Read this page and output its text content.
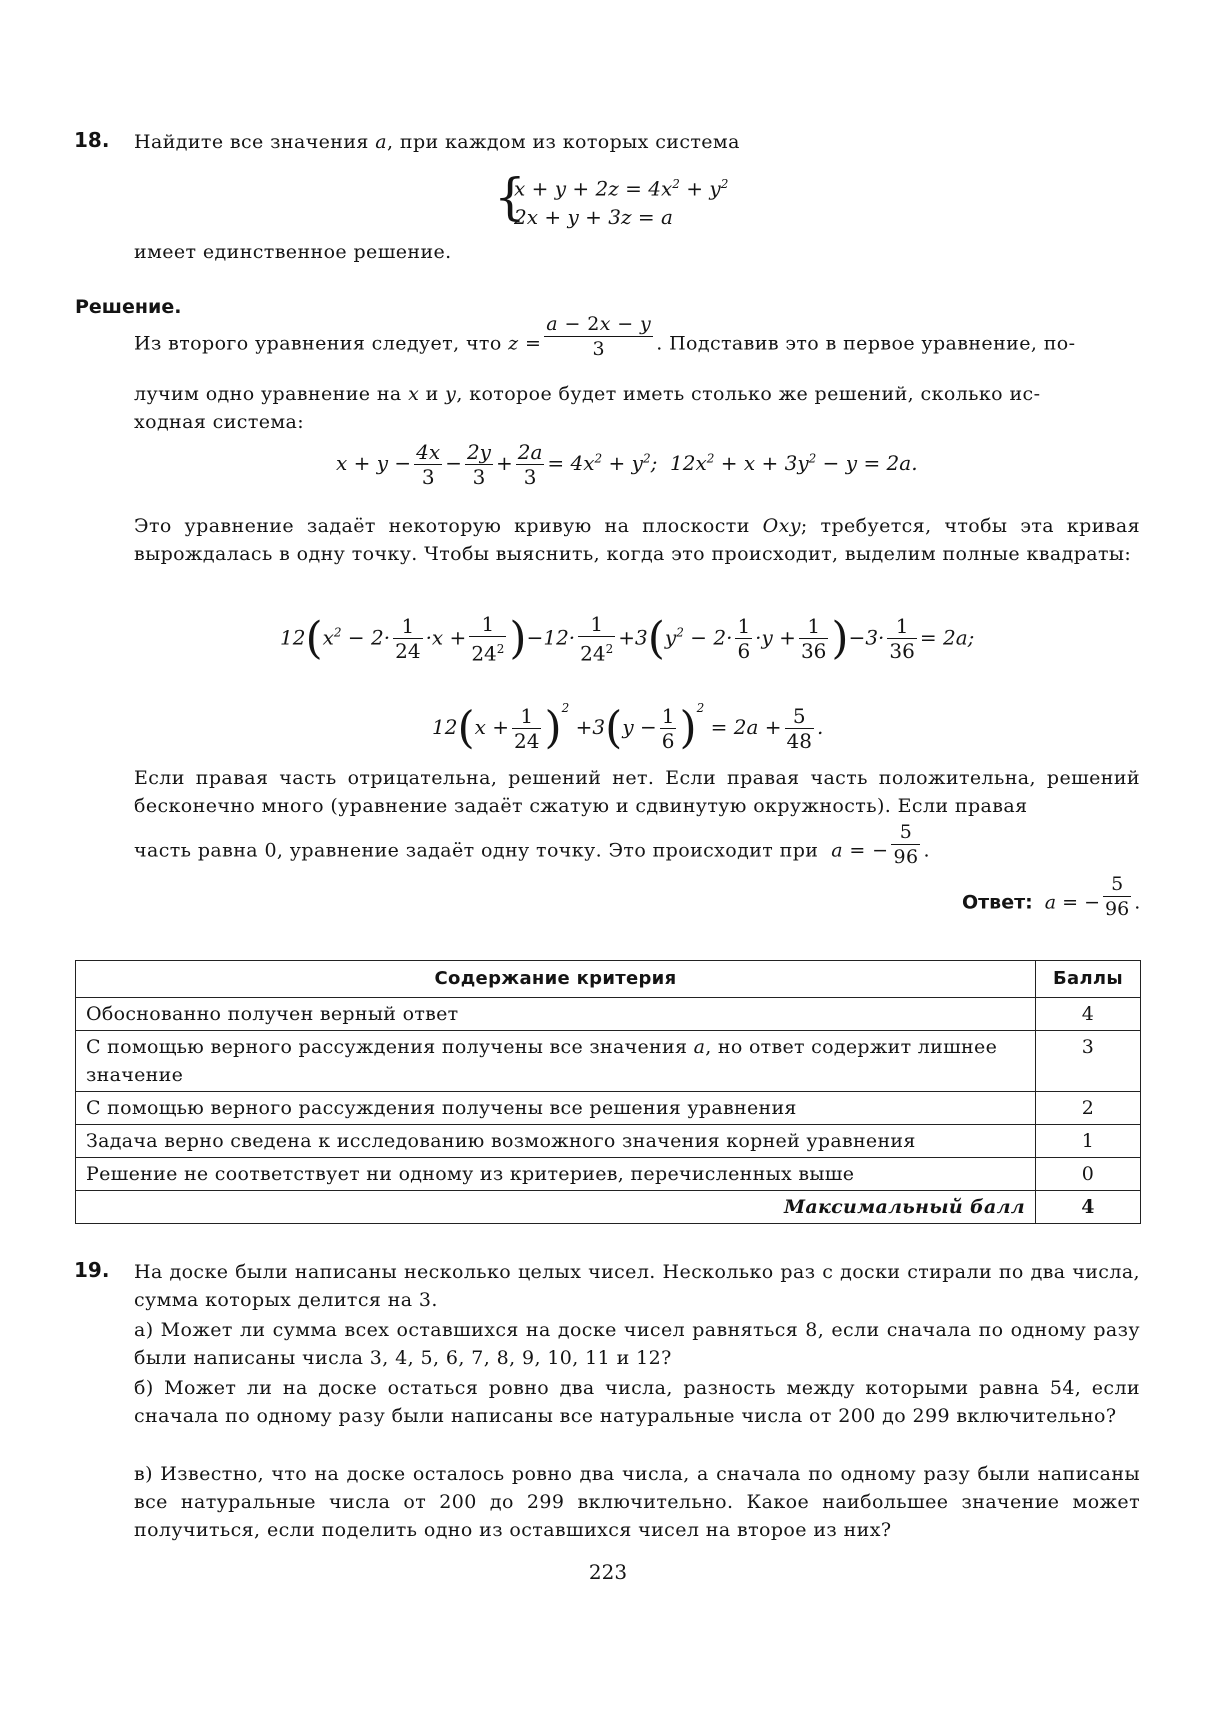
18. Найдите все значения a, при каждом из которых система
{
$x + y + 2z = 4x^2 + y^2$
2x + y + 3z = a
имеет единственное решение.
Решение.
Из второго уравнения следует, что $z = \frac{a - 2x - y}{3}$ . Подставив это в первое уравнение, по-
лучим одно уравнение на x и y, которое будет иметь столько же решений, сколько ис-
ходная система:
$x + y - \frac{4x}{3} - \frac{2y}{3} + \frac{2a}{3} = 4x^2 + y^2$;  $12x^2 + x + 3y^2 - y = 2a$.
Это уравнение задаёт некоторую кривую на плоскости Oxy; требуется, чтобы эта кривая вырождалась в одну точку. Чтобы выяснить, когда это происходит, выделим полные квадраты:
$12(x^2 - 2\cdot \frac{1}{24} \cdot x + \frac{1}{24^2} )-12\cdot \frac{1}{24^2} +3(y^2 - 2\cdot \frac{1}{6} \cdot y + \frac{1}{36} )-3\cdot \frac{1}{36} = 2a$;
$12(x + \frac{1}{24} )^2 +3(y - \frac{1}{6} )^2 = 2a + \frac{5}{48}$ .
Если правая часть отрицательна, решений нет. Если правая часть положительна, решений бесконечно много (уравнение задаёт сжатую и сдвинутую окружность). Если правая
часть равна 0, уравнение задаёт одну точку. Это происходит при  a = − $\frac{5}{96}$ .
Ответ: a = − $\frac{5}{96}$ .
Содержание критерия	Баллы
Обоснованно получен верный ответ	4
С помощью верного рассуждения получены все значения a, но ответ содержит лишнее значение	3
С помощью верного рассуждения получены все решения уравнения	2
Задача верно сведена к исследованию возможного значения корней уравнения	1
Решение не соответствует ни одному из критериев, перечисленных выше	0
Максимальный балл	4
19. На доске были написаны несколько целых чисел. Несколько раз с доски стирали по два числа, сумма которых делится на 3.
а) Может ли сумма всех оставшихся на доске чисел равняться 8, если сначала по одному разу были написаны числа 3, 4, 5, 6, 7, 8, 9, 10, 11 и 12?
б) Может ли на доске остаться ровно два числа, разность между которыми равна 54, если сначала по одному разу были написаны все натуральные числа от 200 до 299 включительно?
в) Известно, что на доске осталось ровно два числа, а сначала по одному разу были написаны все натуральные числа от 200 до 299 включительно. Какое наибольшее значение может получиться, если поделить одно из оставшихся чисел на второе из них?
223
